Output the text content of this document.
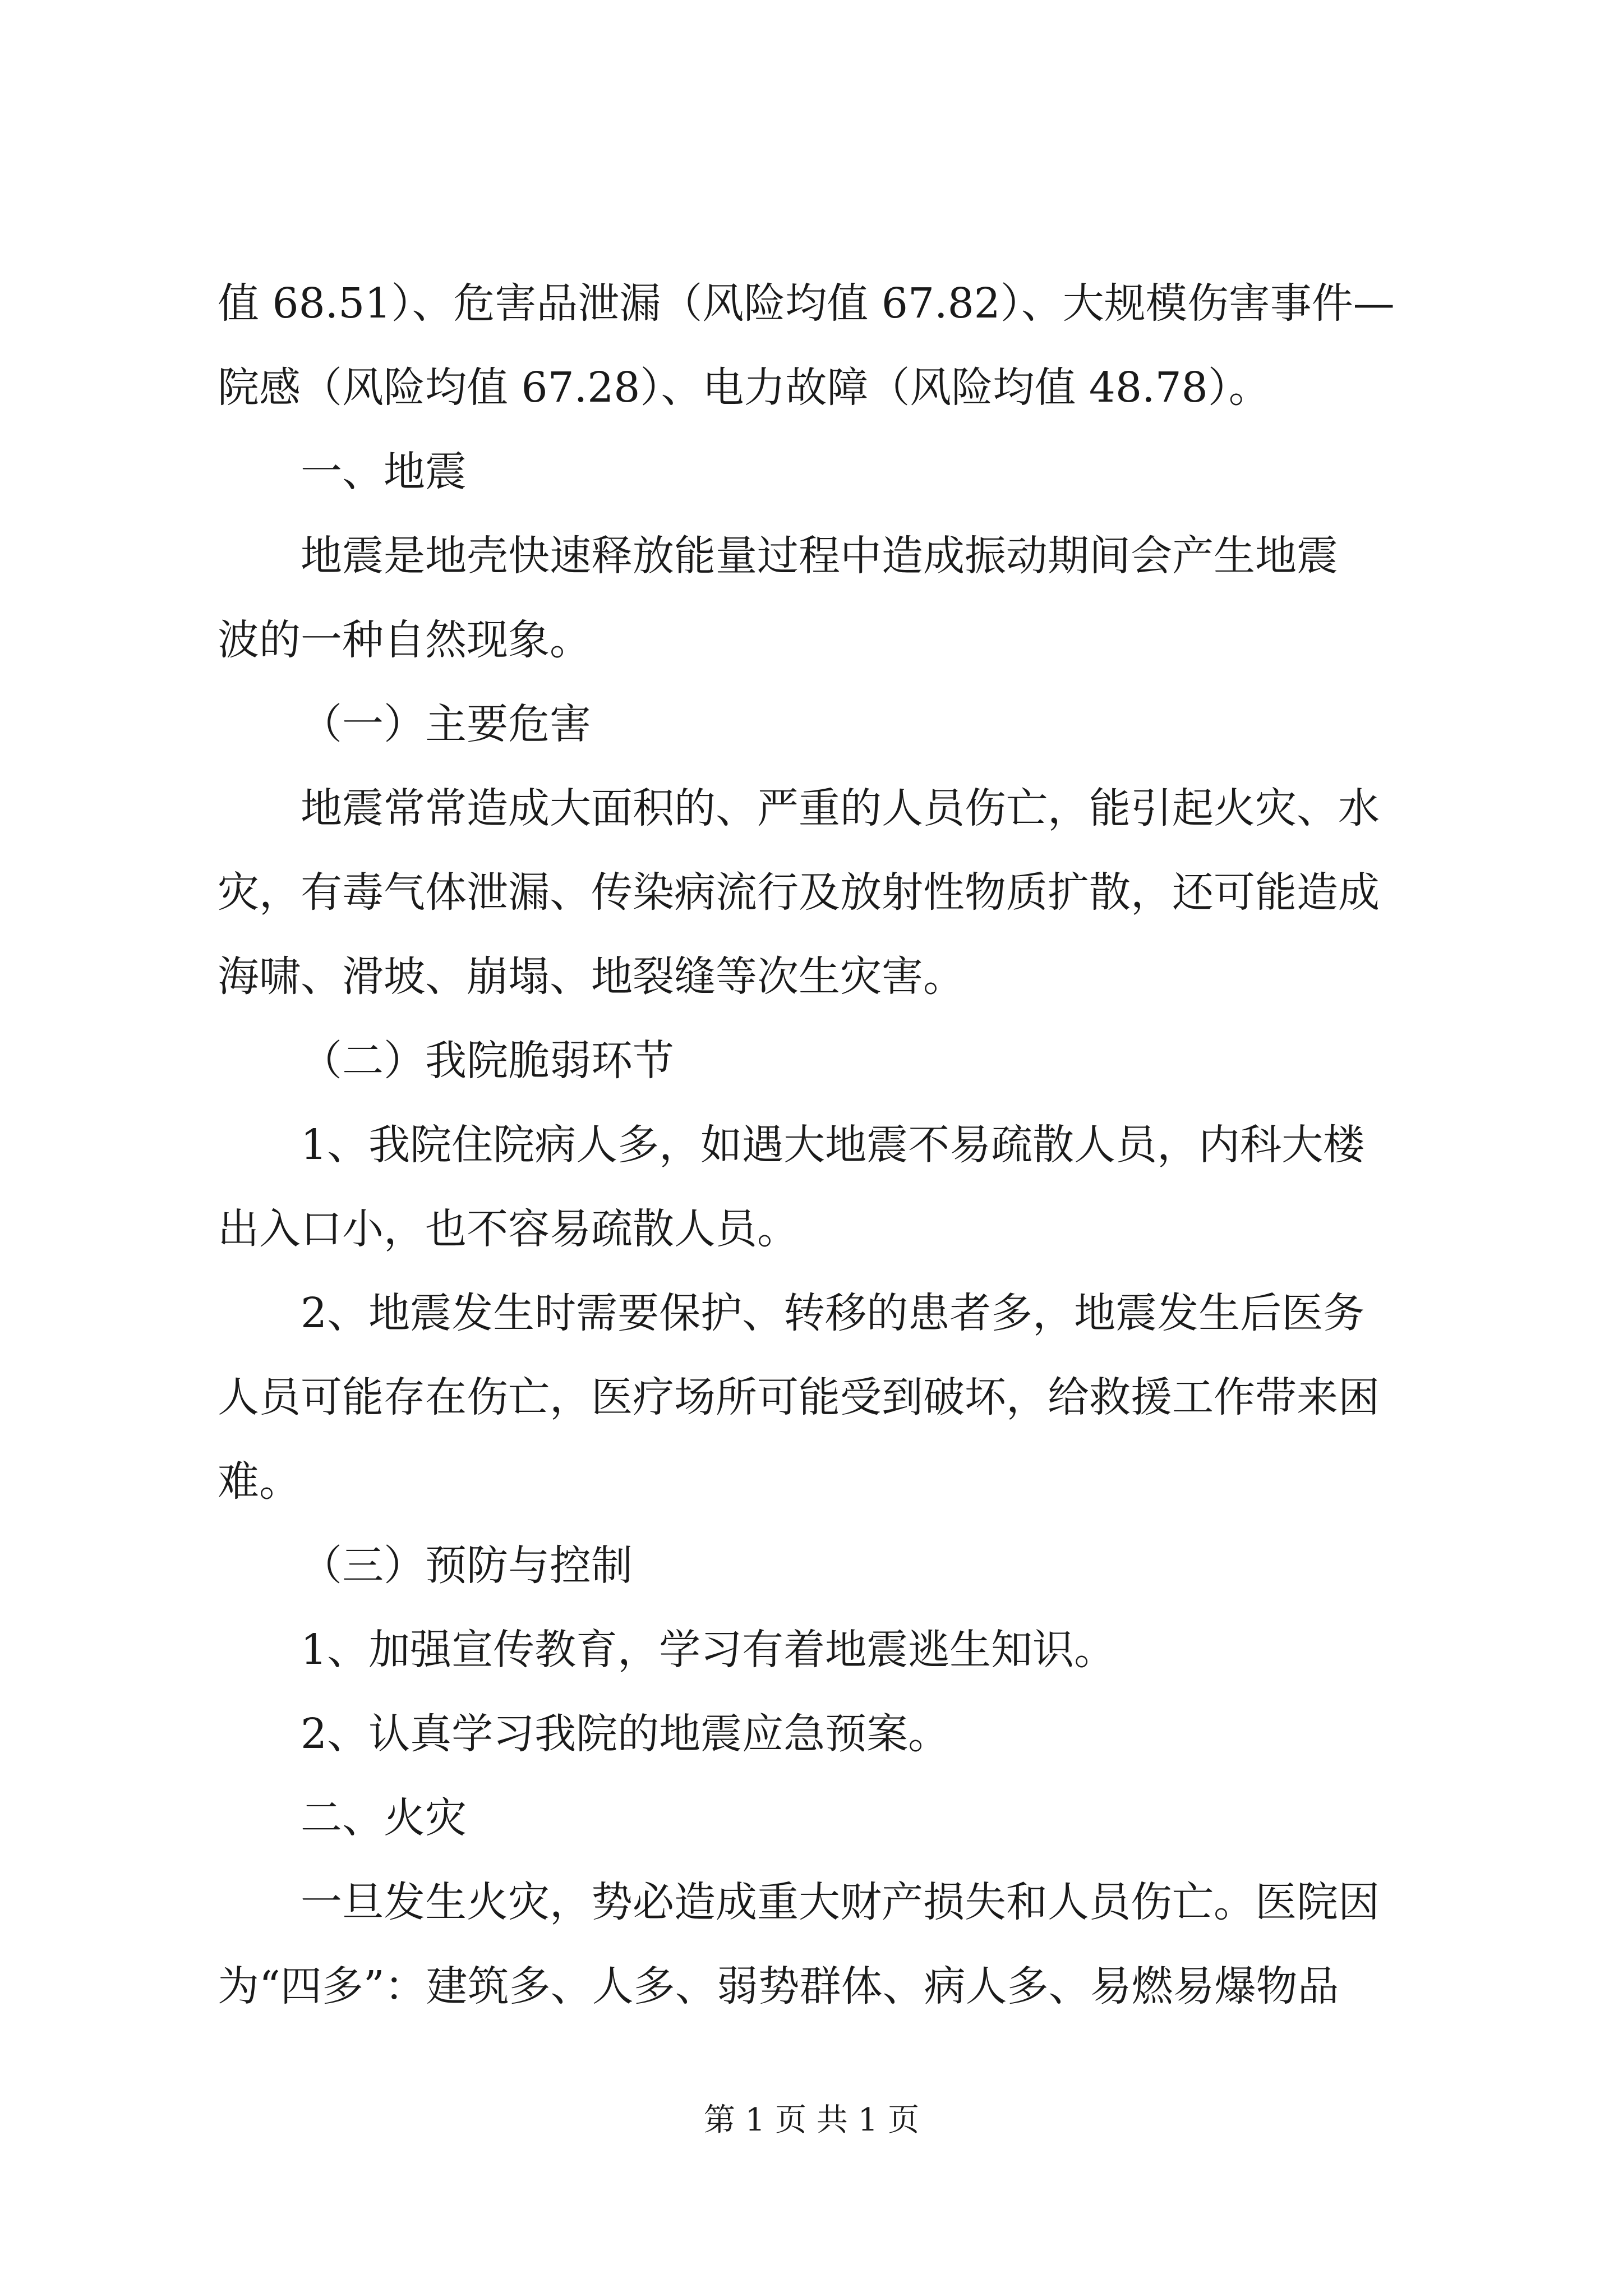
值 68.51）、危害品泄漏（风险均值 67.82）、大规模伤害事件—
院感（风险均值 67.28）、电力故障（风险均值 48.78）。
一、地震
地震是地壳快速释放能量过程中造成振动期间会产生地震
波的一种自然现象。
（一）主要危害
地震常常造成大面积的、严重的人员伤亡，能引起火灾、水
灾，有毒气体泄漏、传染病流行及放射性物质扩散，还可能造成
海啸、滑坡、崩塌、地裂缝等次生灾害。
（二）我院脆弱环节
1、我院住院病人多，如遇大地震不易疏散人员，内科大楼
出入口小，也不容易疏散人员。
2、地震发生时需要保护、转移的患者多，地震发生后医务
人员可能存在伤亡，医疗场所可能受到破坏，给救援工作带来困
难。
（三）预防与控制
1、加强宣传教育，学习有着地震逃生知识。
2、认真学习我院的地震应急预案。
二、火灾
一旦发生火灾，势必造成重大财产损失和人员伤亡。医院因
为“四多”：建筑多、人多、弱势群体、病人多、易燃易爆物品
第 1 页 共 1 页
